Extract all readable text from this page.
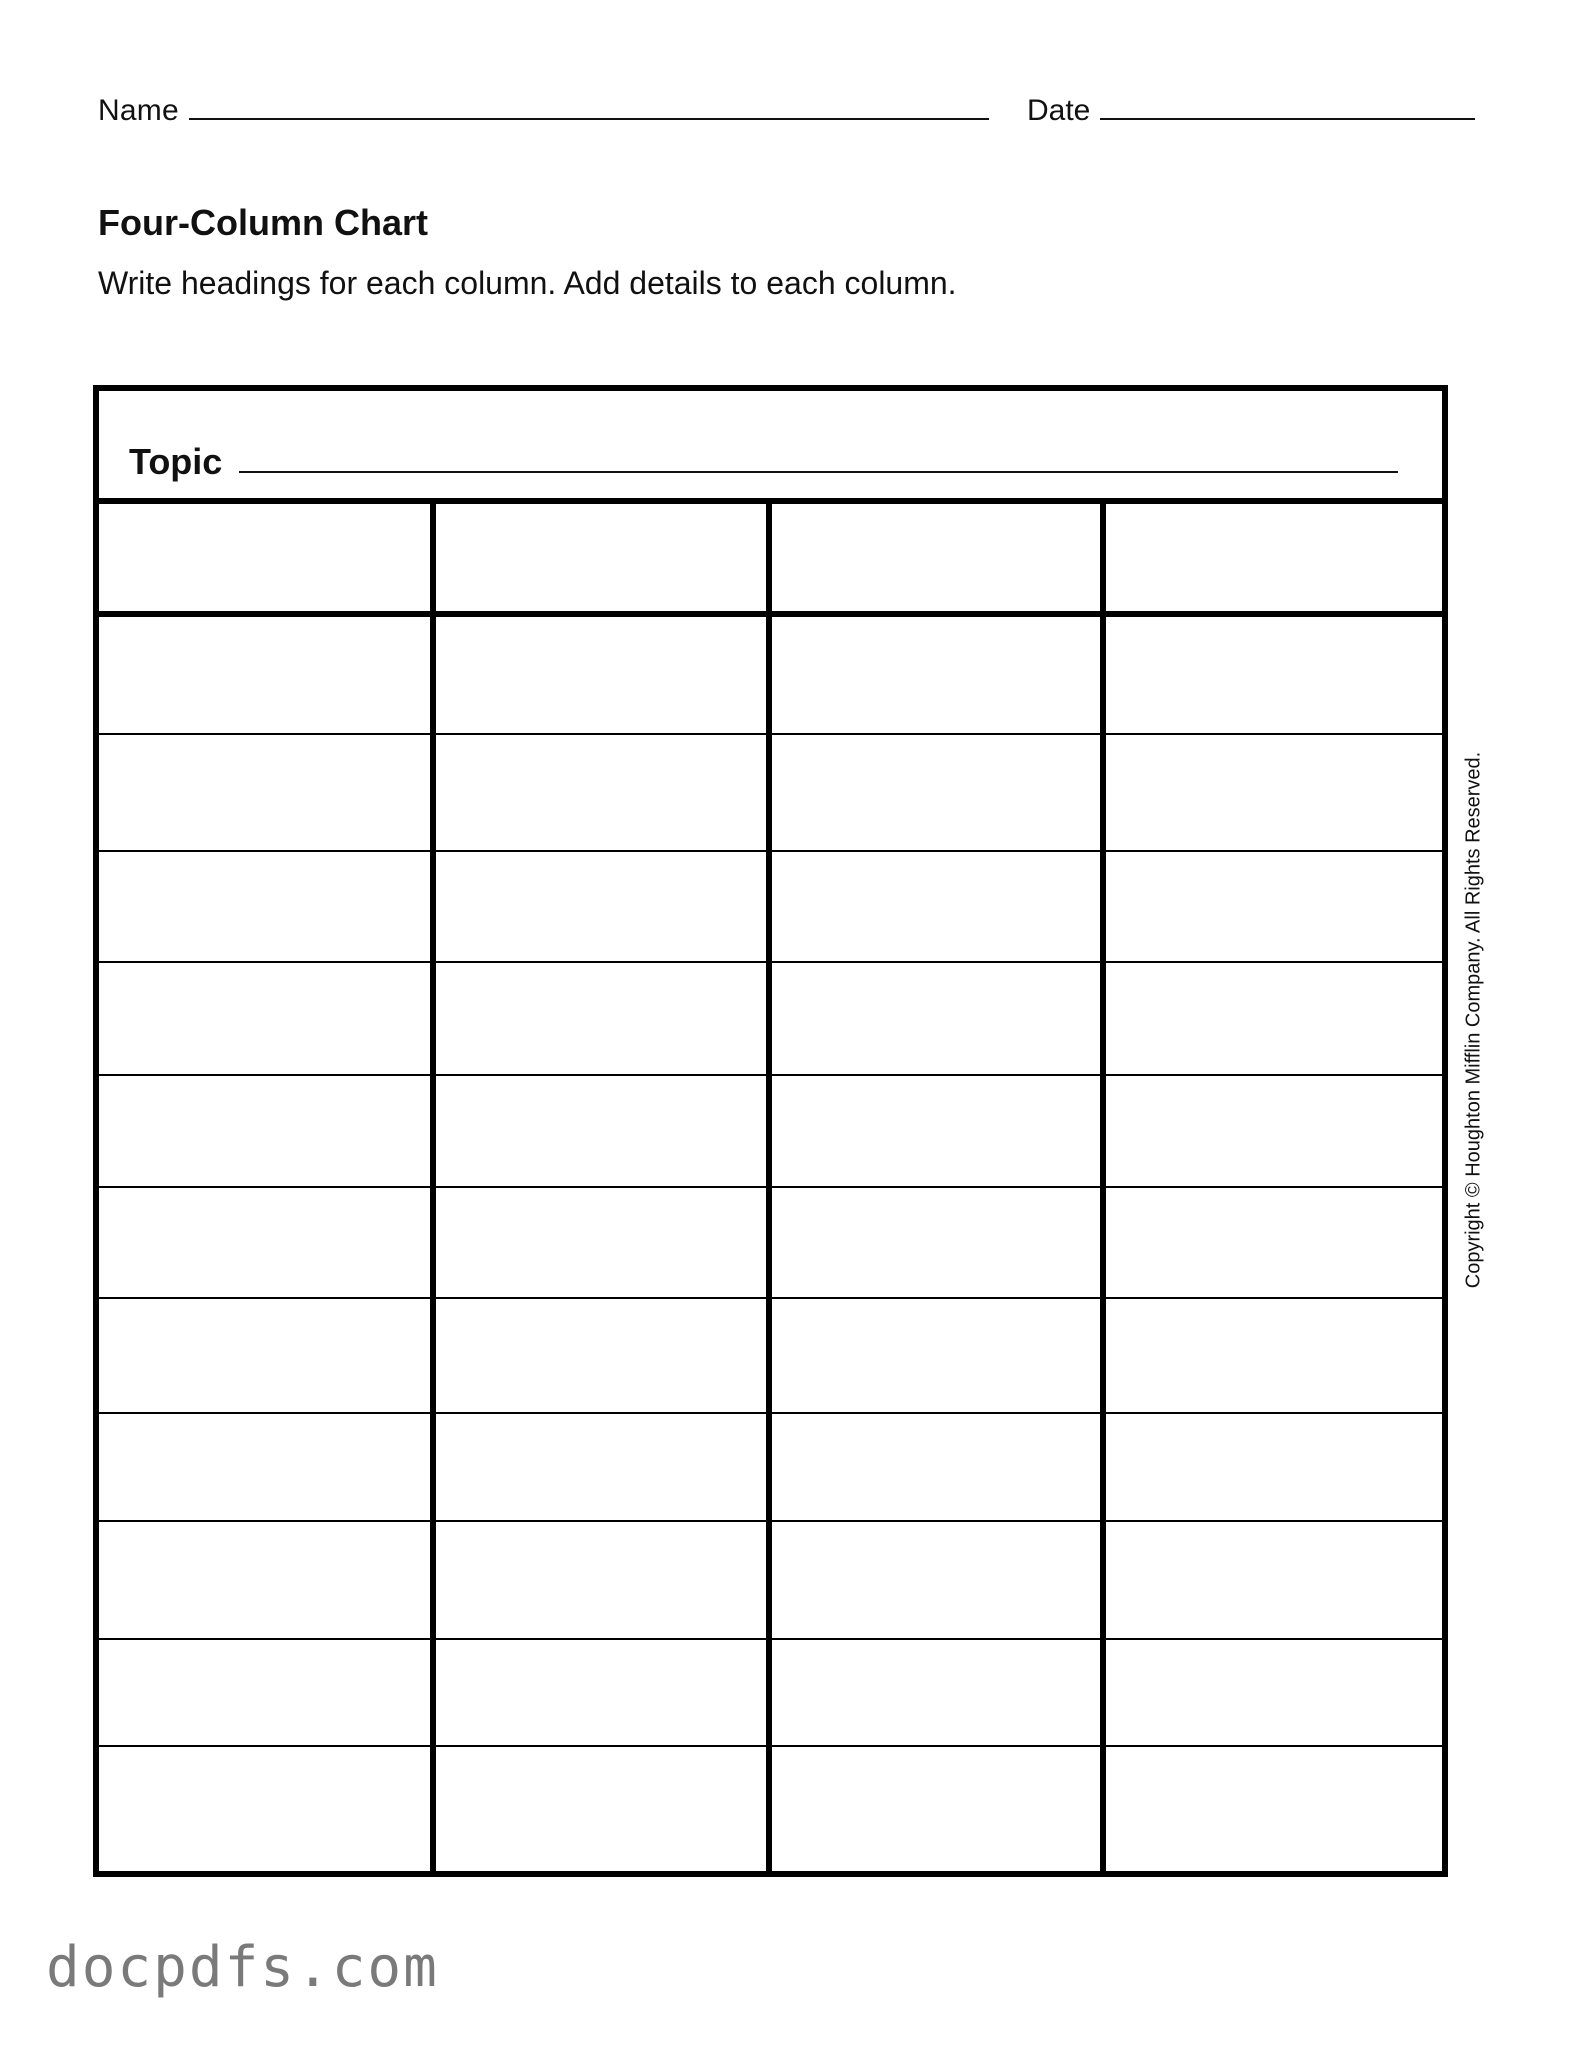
Name	Date
Four-Column Chart
Write headings for each column. Add details to each column.
Topic
Copyright © Houghton Mifflin Company. All Rights Reserved.
docpdfs.com
